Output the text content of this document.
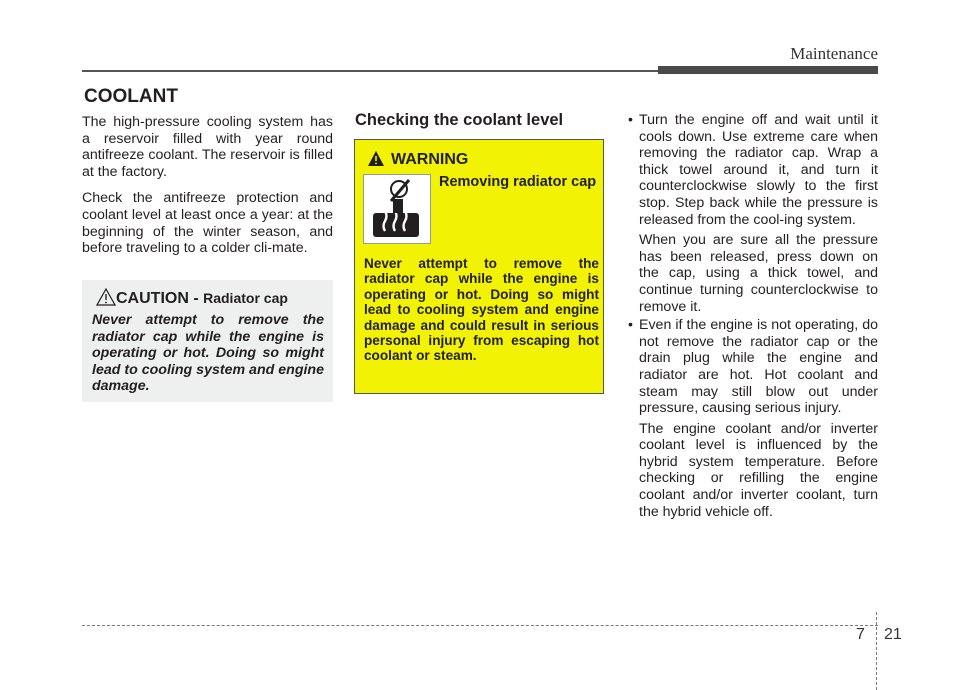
Maintenance
COOLANT

The high-pressure cooling system has a reservoir filled with year round antifreeze coolant. The reservoir is filled at the factory.

Check the antifreeze protection and coolant level at least once a year: at the beginning of the winter season, and before traveling to a colder cli-mate.

CAUTION - Radiator cap
Never attempt to remove the radiator cap while the engine is operating or hot. Doing so might lead to cooling system and engine damage.
Checking the coolant level
WARNING
Removing radiator cap
Never attempt to remove the radiator cap while the engine is operating or hot. Doing so might lead to cooling system and engine damage and could result in serious personal injury from escaping hot coolant or steam.
• Turn the engine off and wait until it cools down. Use extreme care when removing the radiator cap. Wrap a thick towel around it, and turn it counterclockwise slowly to the first stop. Step back while the pressure is released from the cool-ing system.
When you are sure all the pressure has been released, press down on the cap, using a thick towel, and continue turning counterclockwise to remove it.
• Even if the engine is not operating, do not remove the radiator cap or the drain plug while the engine and radiator are hot. Hot coolant and steam may still blow out under pressure, causing serious injury.
The engine coolant and/or inverter coolant level is influenced by the hybrid system temperature. Before checking or refilling the engine coolant and/or inverter coolant, turn the hybrid vehicle off.
7 21
